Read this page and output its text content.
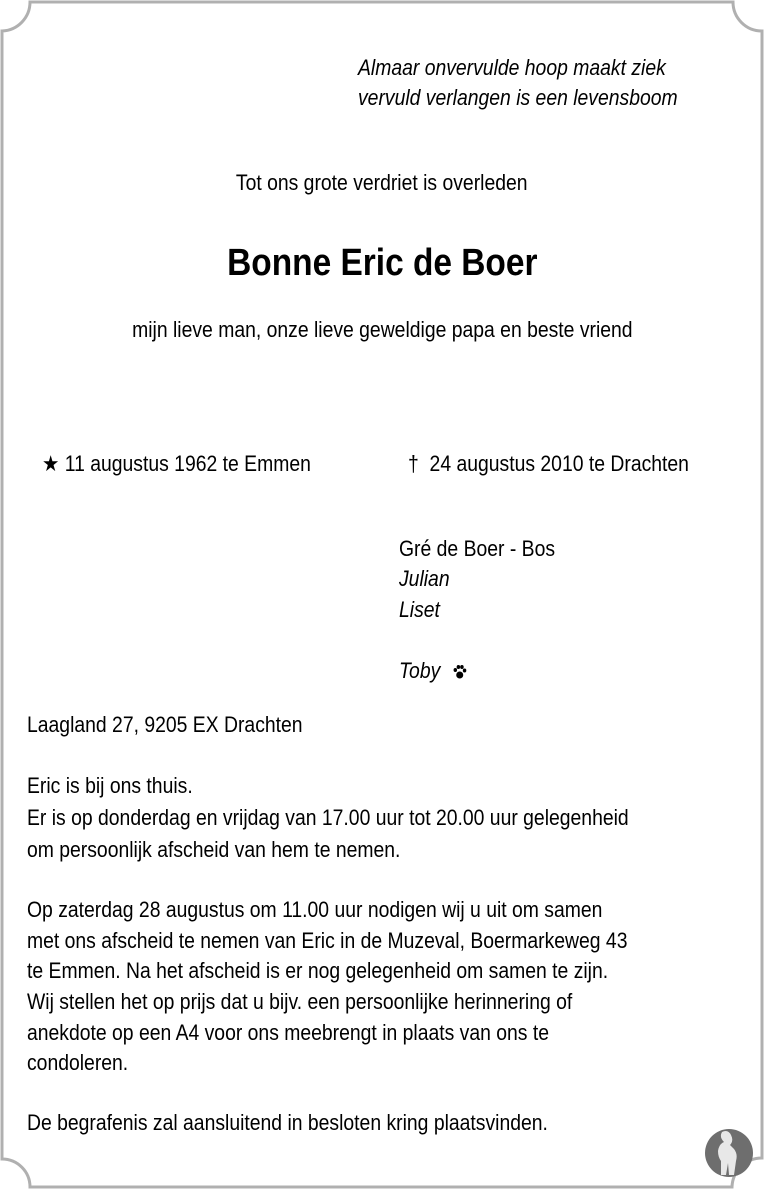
Almaar onvervulde hoop maakt ziek
vervuld verlangen is een levensboom
Tot ons grote verdriet is overleden
Bonne Eric de Boer
mijn lieve man, onze lieve geweldige papa en beste vriend
★ 11 augustus 1962 te Emmen	† 24 augustus 2010 te Drachten
Gré de Boer - Bos
Julian
Liset
Toby
Laagland 27, 9205 EX Drachten
Eric is bij ons thuis.
Er is op donderdag en vrijdag van 17.00 uur tot 20.00 uur gelegenheid
om persoonlijk afscheid van hem te nemen.
Op zaterdag 28 augustus om 11.00 uur nodigen wij u uit om samen
met ons afscheid te nemen van Eric in de Muzeval, Boermarkeweg 43
te Emmen. Na het afscheid is er nog gelegenheid om samen te zijn.
Wij stellen het op prijs dat u bijv. een persoonlijke herinnering of
anekdote op een A4 voor ons meebrengt in plaats van ons te
condoleren.
De begrafenis zal aansluitend in besloten kring plaatsvinden.
